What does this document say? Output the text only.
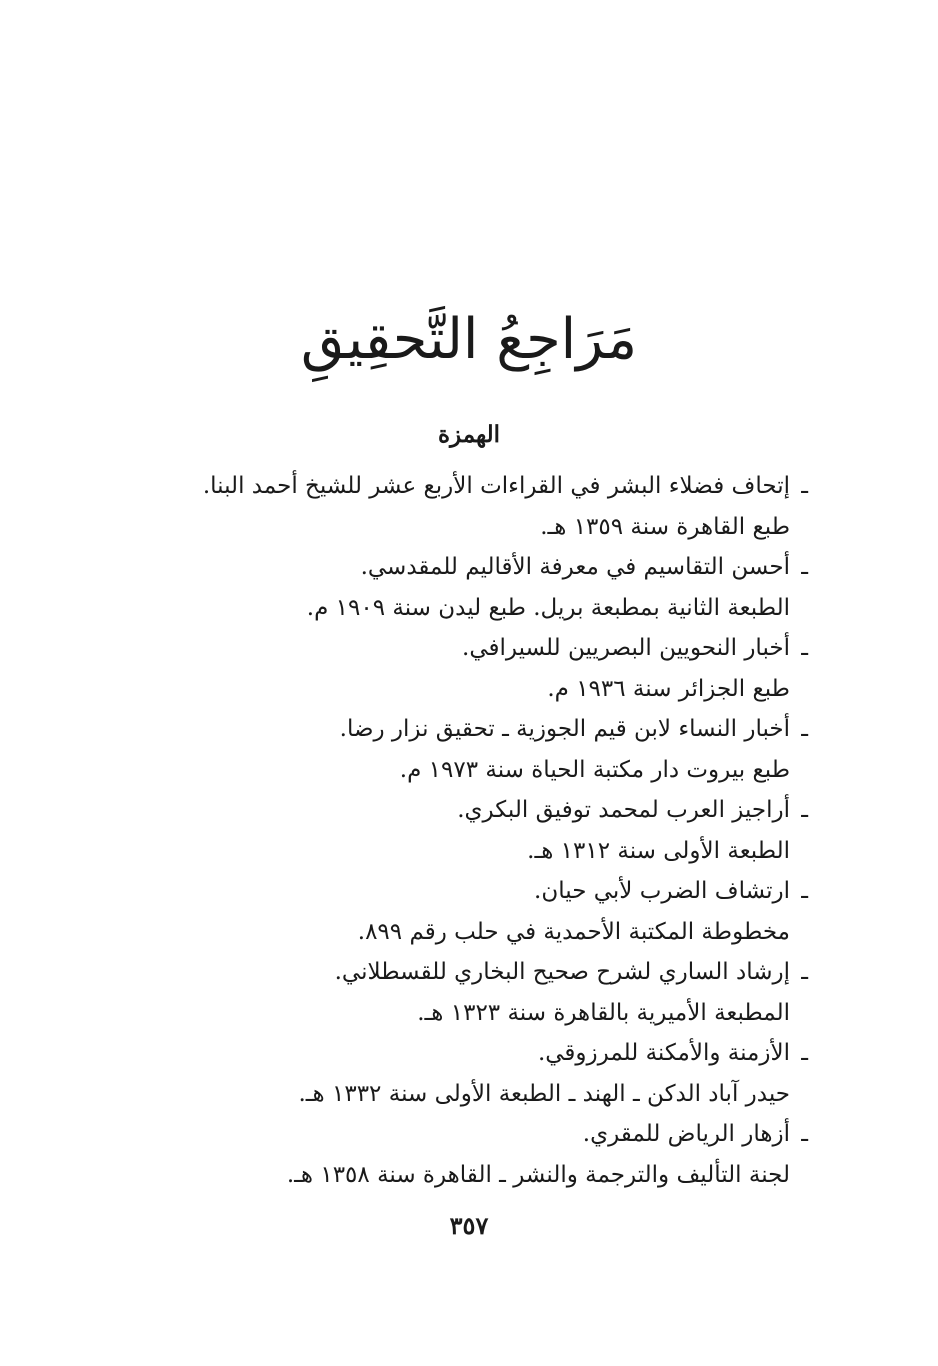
مَرَاجِعُ التَّحقِيقِ
الهمزة
ـ إتحاف فضلاء البشر في القراءات الأربع عشر للشيخ أحمد البنا.
طبع القاهرة سنة ١٣٥٩ هـ.
ـ أحسن التقاسيم في معرفة الأقاليم للمقدسي.
الطبعة الثانية بمطبعة بريل. طبع ليدن سنة ١٩٠٩ م.
ـ أخبار النحويين البصريين للسيرافي.
طبع الجزائر سنة ١٩٣٦ م.
ـ أخبار النساء لابن قيم الجوزية ـ تحقيق نزار رضا.
طبع بيروت دار مكتبة الحياة سنة ١٩٧٣ م.
ـ أراجيز العرب لمحمد توفيق البكري.
الطبعة الأولى سنة ١٣١٢ هـ.
ـ ارتشاف الضرب لأبي حيان.
مخطوطة المكتبة الأحمدية في حلب رقم ٨٩٩.
ـ إرشاد الساري لشرح صحيح البخاري للقسطلاني.
المطبعة الأميرية بالقاهرة سنة ١٣٢٣ هـ.
ـ الأزمنة والأمكنة للمرزوقي.
حيدر آباد الدكن ـ الهند ـ الطبعة الأولى سنة ١٣٣٢ هـ.
ـ أزهار الرياض للمقري.
لجنة التأليف والترجمة والنشر ـ القاهرة سنة ١٣٥٨ هـ.
٣٥٧
